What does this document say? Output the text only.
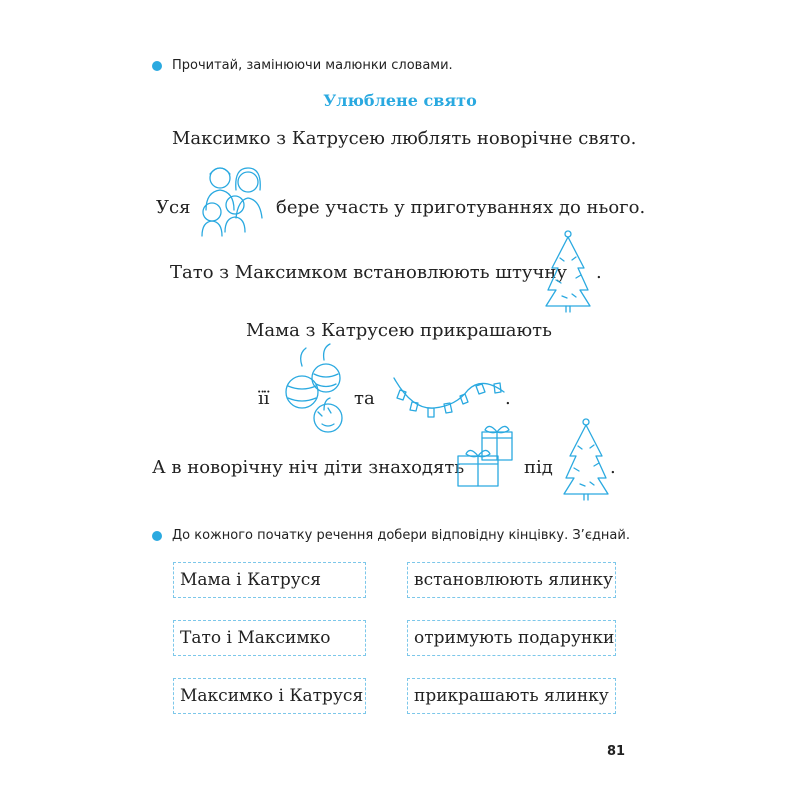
Прочитай, замінюючи малюнки словами.
Улюблене свято
Максимко з Катрусею люблять новорічне свято.
Уся	бере участь у приготуваннях до нього.
Тато з Максимком встановлюють штучну .
Мама з Катрусею прикрашають
її	та	.
А в новорічну ніч діти знаходять	під	.
До кожного початку речення добери відповідну кінцівку. З’єднай.
Мама і Катруся
Тато і Максимко
Максимко і Катруся
встановлюють ялинку
отримують подарунки
прикрашають ялинку
81
